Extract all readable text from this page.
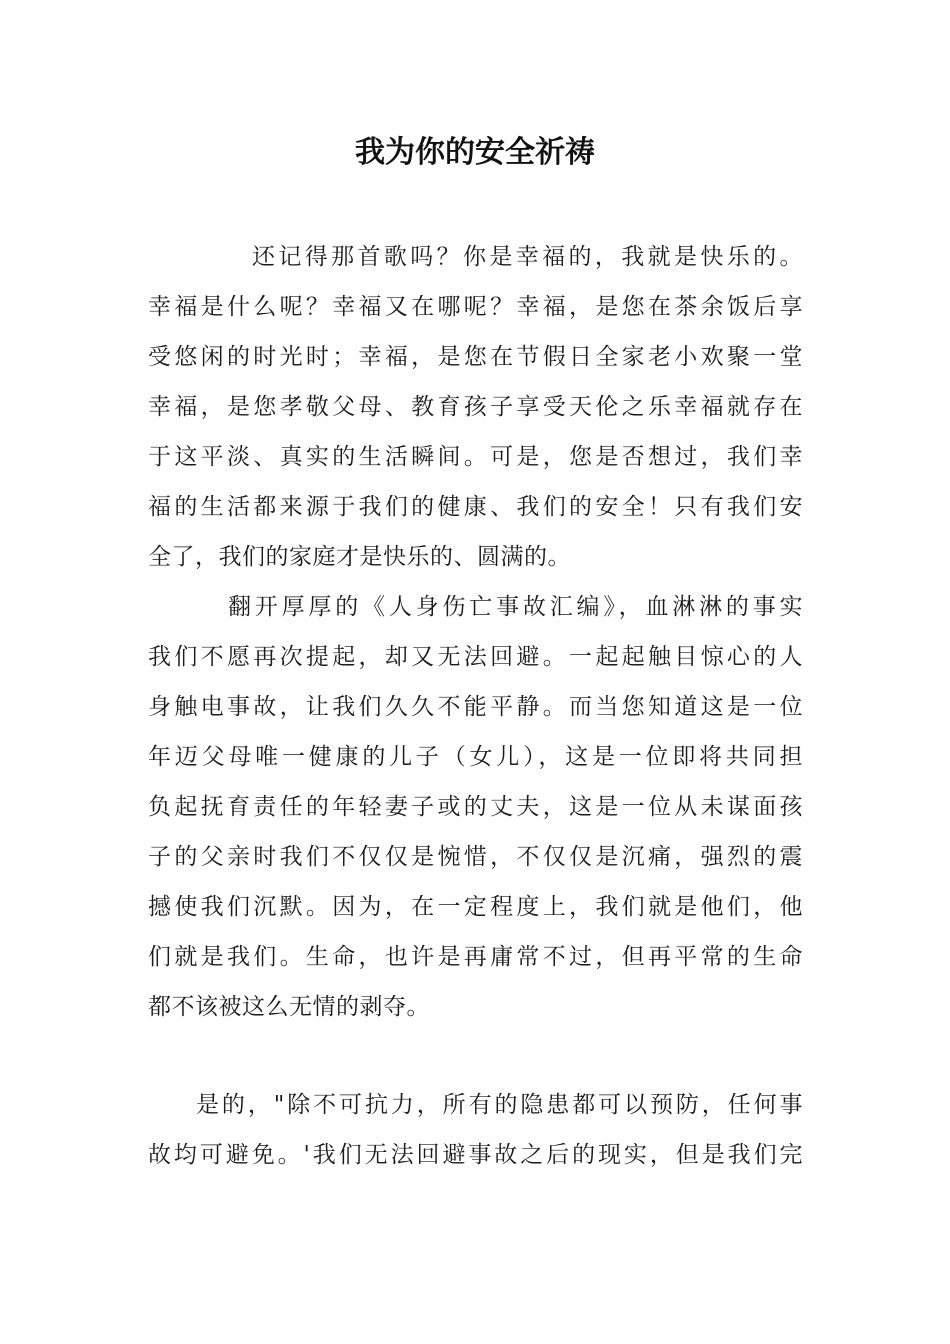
我为你的安全祈祷
还记得那首歌吗？你是幸福的，我就是快乐的。
幸福是什么呢？幸福又在哪呢？幸福，是您在茶余饭后享
受悠闲的时光时；幸福，是您在节假日全家老小欢聚一堂
幸福，是您孝敬父母、教育孩子享受天伦之乐幸福就存在
于这平淡、真实的生活瞬间。可是，您是否想过，我们幸
福的生活都来源于我们的健康、我们的安全！只有我们安
全了，我们的家庭才是快乐的、圆满的。
翻开厚厚的《人身伤亡事故汇编》，血淋淋的事实
我们不愿再次提起，却又无法回避。一起起触目惊心的人
身触电事故，让我们久久不能平静。而当您知道这是一位
年迈父母唯一健康的儿子（女儿），这是一位即将共同担
负起抚育责任的年轻妻子或的丈夫，这是一位从未谋面孩
子的父亲时我们不仅仅是惋惜，不仅仅是沉痛，强烈的震
撼使我们沉默。因为，在一定程度上，我们就是他们，他
们就是我们。生命，也许是再庸常不过，但再平常的生命
都不该被这么无情的剥夺。
是的，"除不可抗力，所有的隐患都可以预防，任何事
故均可避免。'我们无法回避事故之后的现实，但是我们完
